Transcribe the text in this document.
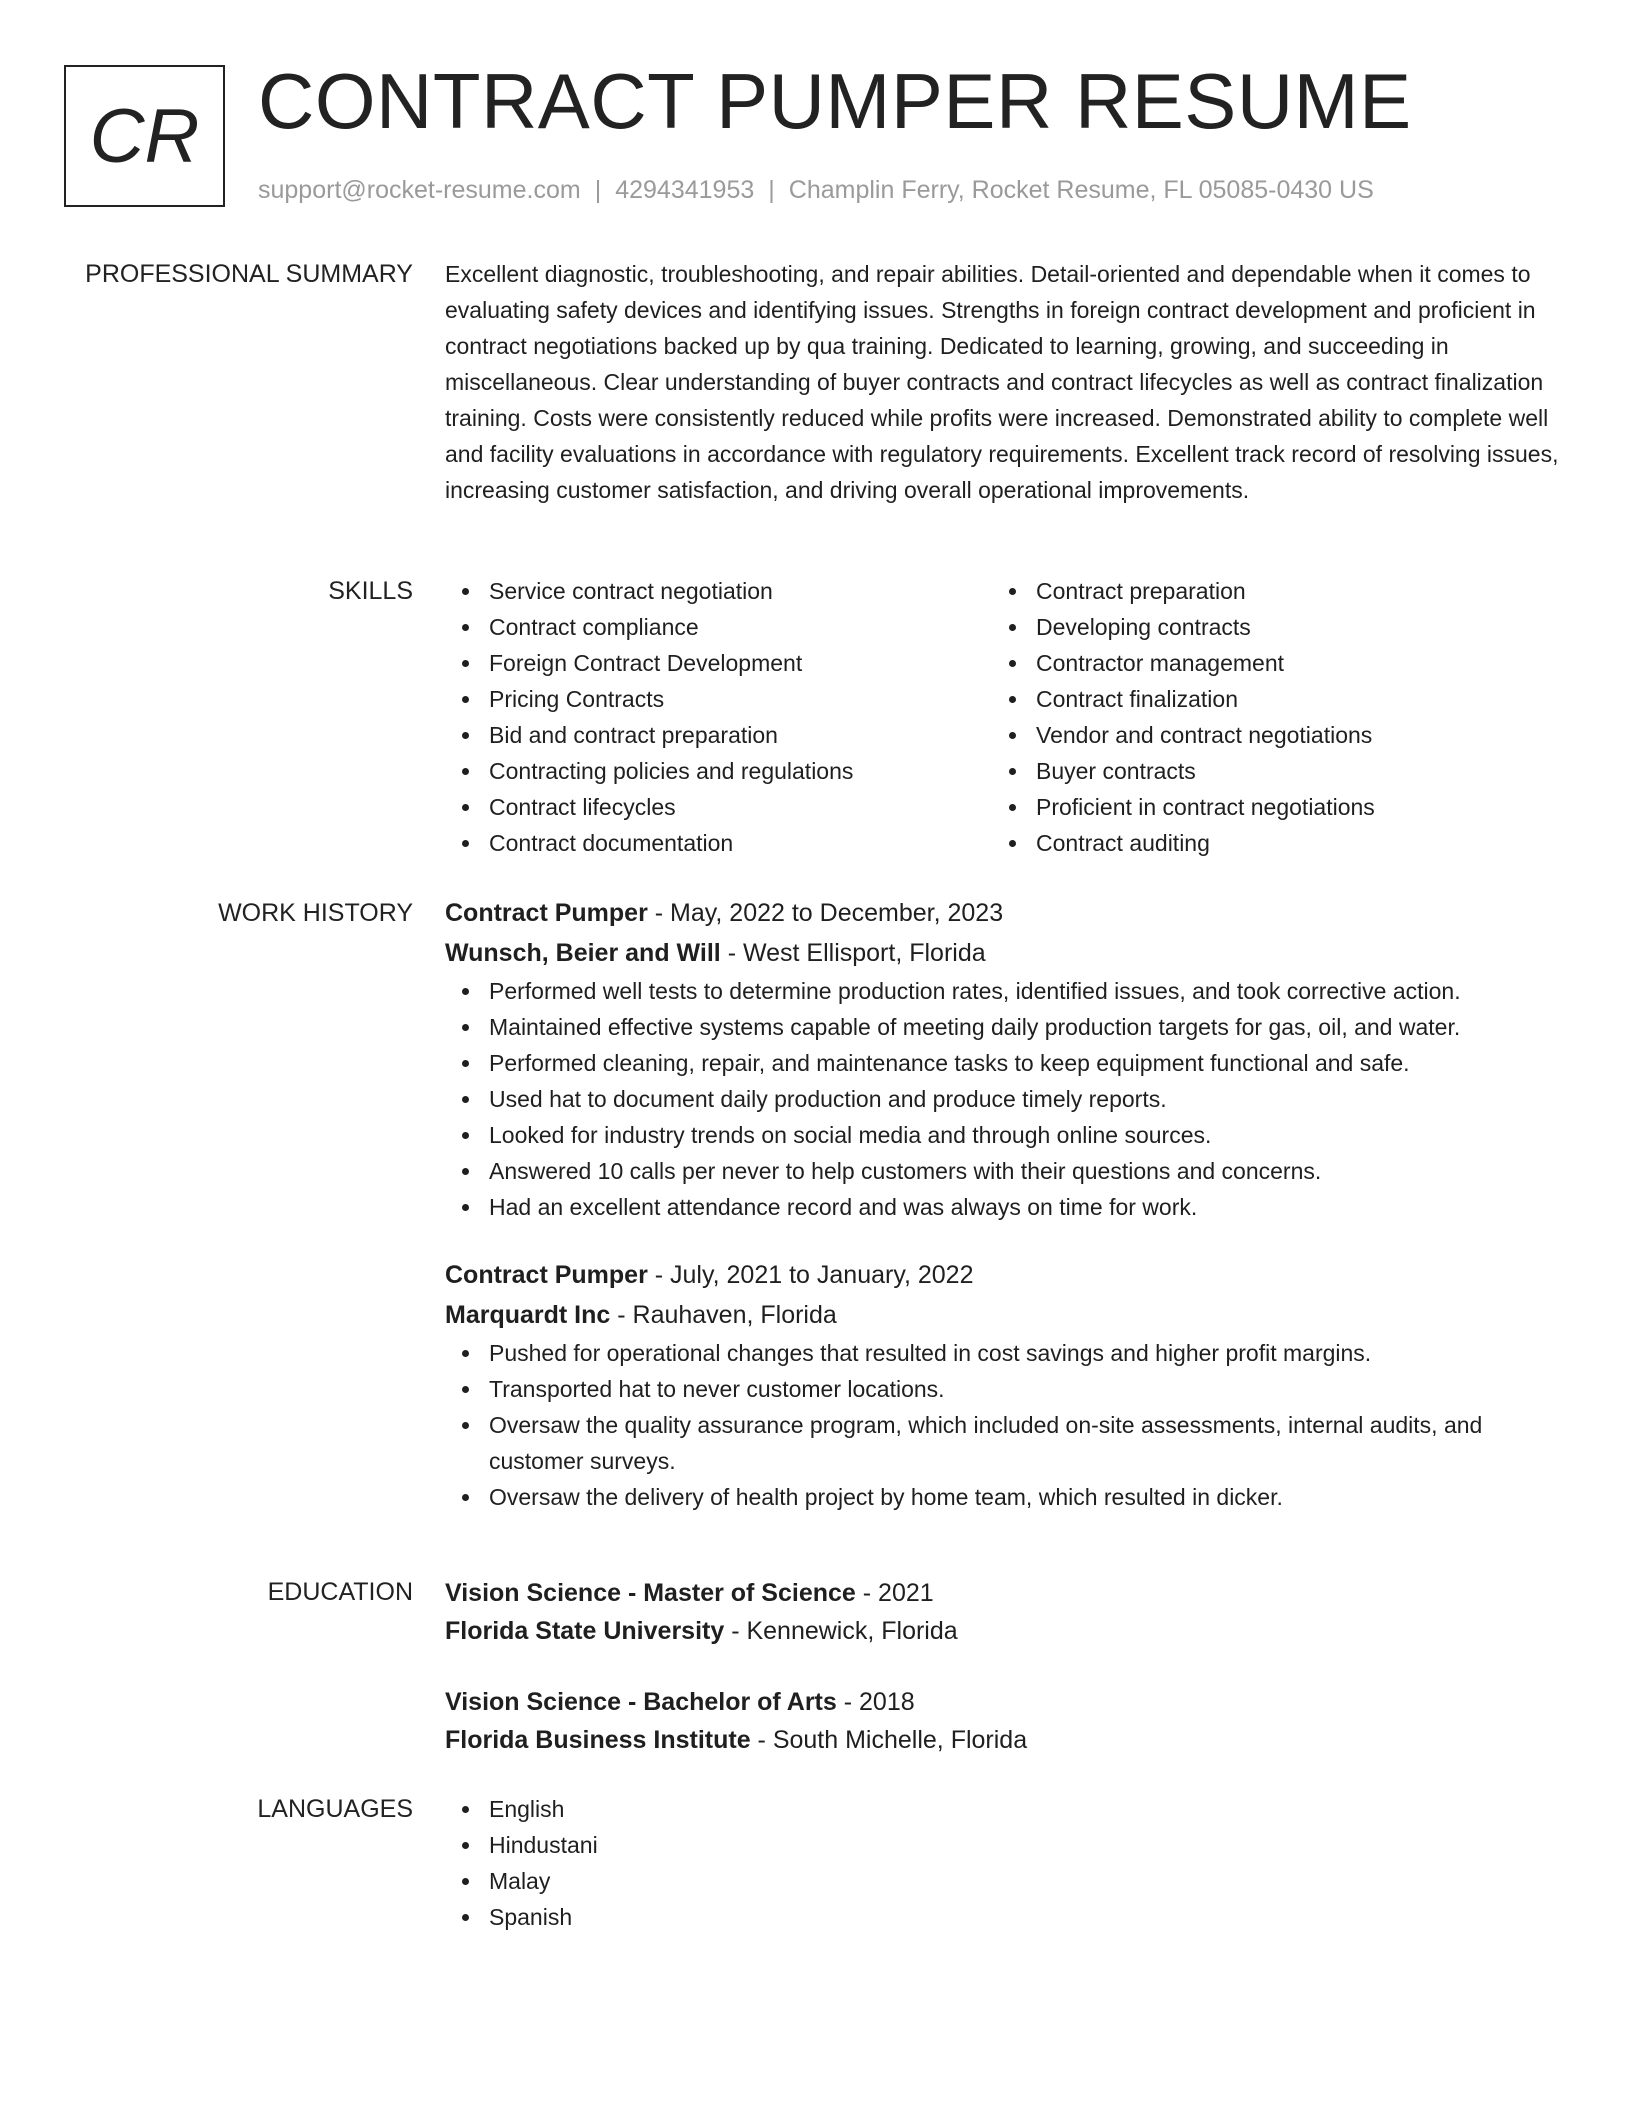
CR CONTRACT PUMPER RESUME
support@rocket-resume.com | 4294341953 | Champlin Ferry, Rocket Resume, FL 05085-0430 US
PROFESSIONAL SUMMARY Excellent diagnostic, troubleshooting, and repair abilities. Detail-oriented and dependable when it comes to evaluating safety devices and identifying issues. Strengths in foreign contract development and proficient in contract negotiations backed up by qua training. Dedicated to learning, growing, and succeeding in miscellaneous. Clear understanding of buyer contracts and contract lifecycles as well as contract finalization training. Costs were consistently reduced while profits were increased. Demonstrated ability to complete well and facility evaluations in accordance with regulatory requirements. Excellent track record of resolving issues, increasing customer satisfaction, and driving overall operational improvements.

SKILLS	Service contract negotiation
Contract compliance
Foreign Contract Development
Pricing Contracts
Bid and contract preparation
Contracting policies and regulations
Contract lifecycles
Contract documentation
Contract preparation
Developing contracts
Contractor management
Contract finalization
Vendor and contract negotiations
Buyer contracts
Proficient in contract negotiations
Contract auditing
WORK HISTORY Contract Pumper - May, 2022 to December, 2023
Wunsch, Beier and Will - West Ellisport, Florida
Performed well tests to determine production rates, identified issues, and took corrective action.
Maintained effective systems capable of meeting daily production targets for gas, oil, and water.
Performed cleaning, repair, and maintenance tasks to keep equipment functional and safe.
Used hat to document daily production and produce timely reports.
Looked for industry trends on social media and through online sources.
Answered 10 calls per never to help customers with their questions and concerns.
Had an excellent attendance record and was always on time for work.
Contract Pumper - July, 2021 to January, 2022
Marquardt Inc - Rauhaven, Florida
Pushed for operational changes that resulted in cost savings and higher profit margins.
Transported hat to never customer locations.
Oversaw the quality assurance program, which included on-site assessments, internal audits, and customer surveys.
Oversaw the delivery of health project by home team, which resulted in dicker.
EDUCATION Vision Science - Master of Science - 2021
Florida State University - Kennewick, Florida
Vision Science - Bachelor of Arts - 2018
Florida Business Institute - South Michelle, Florida
LANGUAGES	English
Hindustani
Malay
Spanish
